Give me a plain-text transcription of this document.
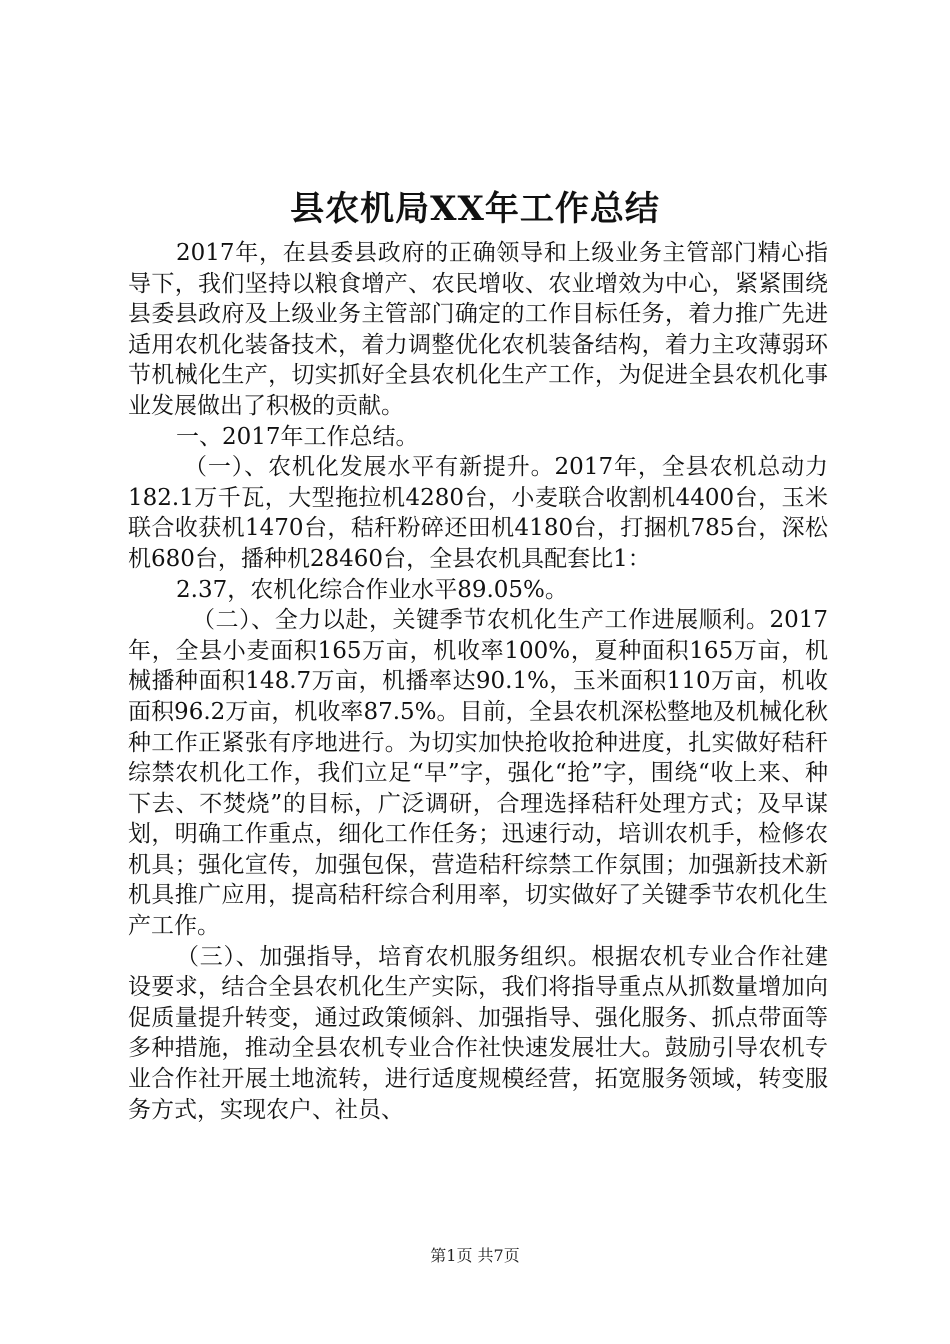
县农机局XX年工作总结

2017年，在县委县政府的正确领导和上级业务主管部门精心指导下，我们坚持以粮食增产、农民增收、农业增效为中心，紧紧围绕县委县政府及上级业务主管部门确定的工作目标任务，着力推广先进适用农机化装备技术，着力调整优化农机装备结构，着力主攻薄弱环节机械化生产，切实抓好全县农机化生产工作，为促进全县农机化事业发展做出了积极的贡献。

一、2017年工作总结。

（一）、农机化发展水平有新提升。2017年，全县农机总动力182.1万千瓦，大型拖拉机4280台，小麦联合收割机4400台，玉米联合收获机1470台，秸秆粉碎还田机4180台，打捆机785台，深松机680台，播种机28460台，全县农机具配套比1：

2.37，农机化综合作业水平89.05%。

（二）、全力以赴，关键季节农机化生产工作进展顺利。2017年，全县小麦面积165万亩，机收率100%，夏种面积165万亩，机械播种面积148.7万亩，机播率达90.1%，玉米面积110万亩，机收面积96.2万亩，机收率87.5%。目前，全县农机深松整地及机械化秋种工作正紧张有序地进行。为切实加快抢收抢种进度，扎实做好秸秆综禁农机化工作，我们立足“早”字，强化“抢”字，围绕“收上来、种下去、不焚烧”的目标，广泛调研，合理选择秸秆处理方式；及早谋划，明确工作重点，细化工作任务；迅速行动，培训农机手，检修农机具；强化宣传，加强包保，营造秸秆综禁工作氛围；加强新技术新机具推广应用，提高秸秆综合利用率，切实做好了关键季节农机化生产工作。

（三）、加强指导，培育农机服务组织。根据农机专业合作社建设要求，结合全县农机化生产实际，我们将指导重点从抓数量增加向促质量提升转变，通过政策倾斜、加强指导、强化服务、抓点带面等多种措施，推动全县农机专业合作社快速发展壮大。鼓励引导农机专业合作社开展土地流转，进行适度规模经营，拓宽服务领域，转变服务方式，实现农户、社员、

第1页 共7页
